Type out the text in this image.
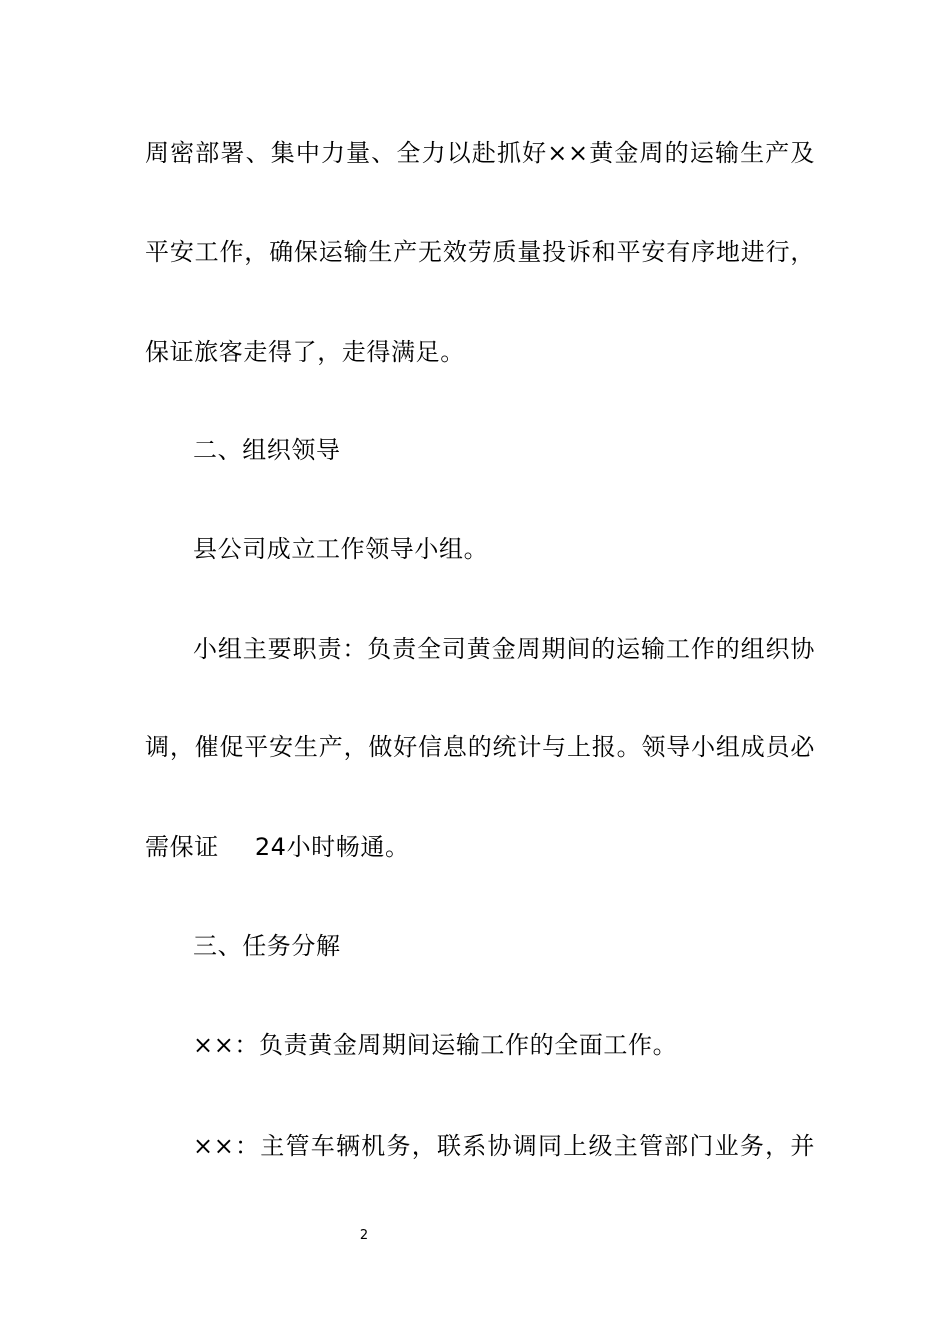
周密部署、集中力量、全力以赴抓好××黄金周的运输生产及
平安工作，确保运输生产无效劳质量投诉和平安有序地进行，
保证旅客走得了，走得满足。
二、组织领导
县公司成立工作领导小组。
小组主要职责：负责全司黄金周期间的运输工作的组织协
调，催促平安生产，做好信息的统计与上报。领导小组成员必
需保证 24小时畅通。
三、任务分解
××：负责黄金周期间运输工作的全面工作。
××：主管车辆机务，联系协调同上级主管部门业务，并
2
